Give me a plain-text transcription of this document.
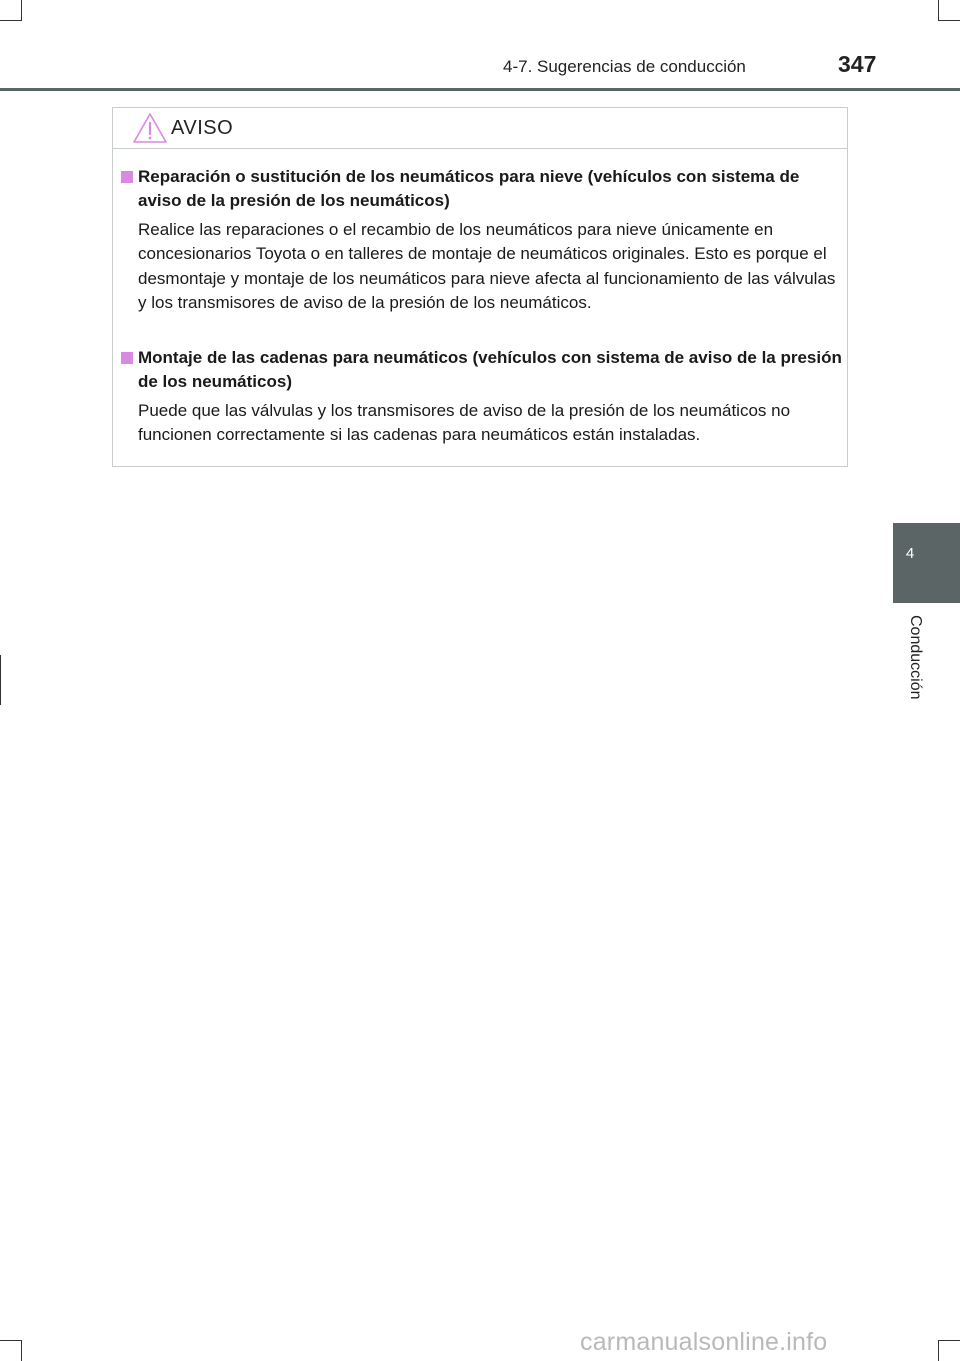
4-7. Sugerencias de conducción	347
4
Conducción
AVISO
Reparación o sustitución de los neumáticos para nieve (vehículos con sistema de aviso de la presión de los neumáticos)
Realice las reparaciones o el recambio de los neumáticos para nieve únicamente en concesionarios Toyota o en talleres de montaje de neumáticos originales. Esto es porque el desmontaje y montaje de los neumáticos para nieve afecta al funcionamiento de las válvulas y los transmisores de aviso de la presión de los neumáticos.
Montaje de las cadenas para neumáticos (vehículos con sistema de aviso de la presión de los neumáticos)
Puede que las válvulas y los transmisores de aviso de la presión de los neumáticos no funcionen correctamente si las cadenas para neumáticos están instaladas.
carmanualsonline.info
